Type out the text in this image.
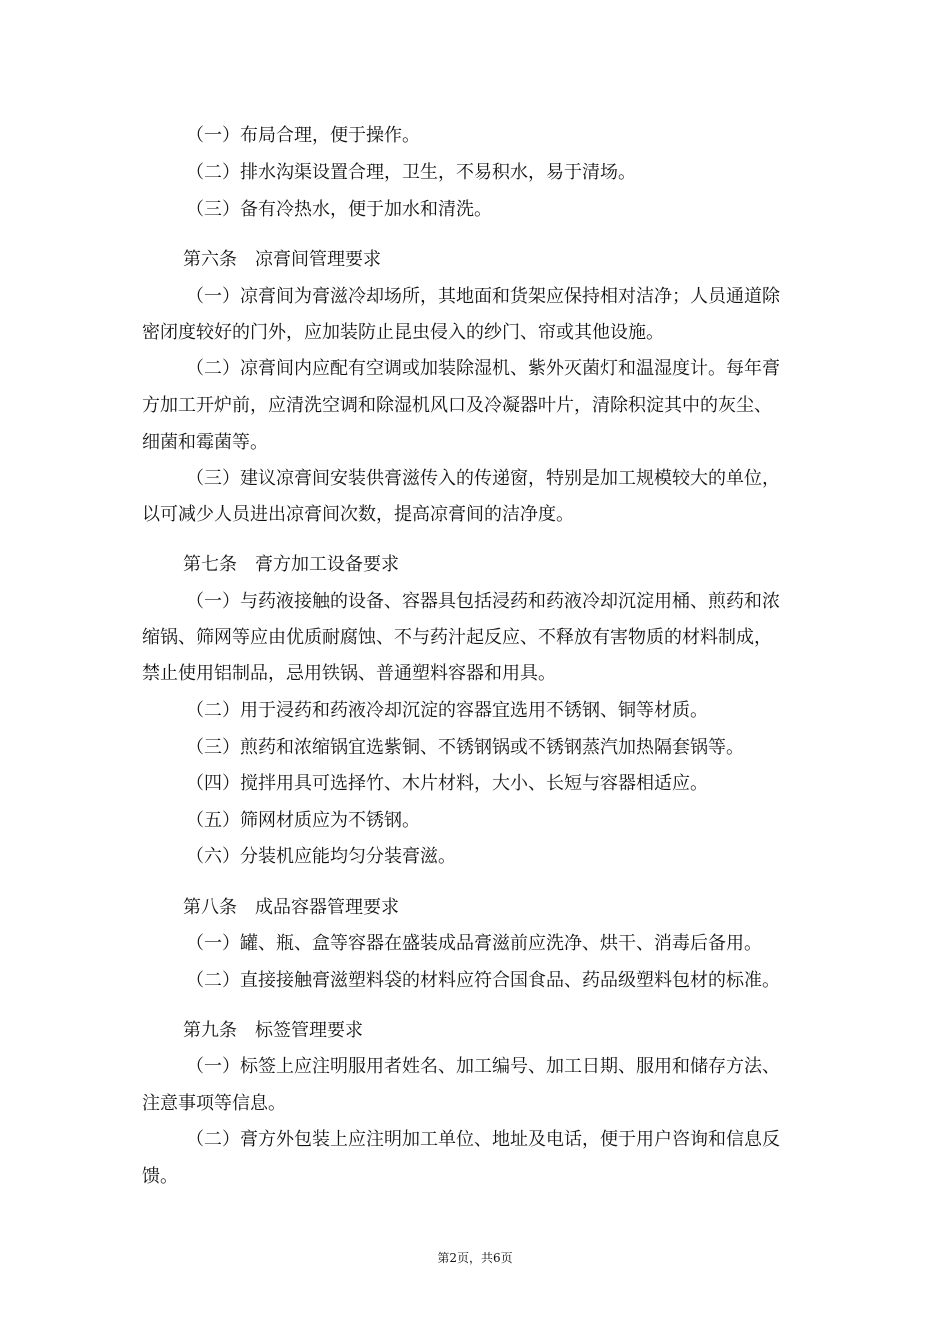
（一）布局合理，便于操作。
（二）排水沟渠设置合理，卫生，不易积水，易于清场。
（三）备有冷热水，便于加水和清洗。
第六条　凉膏间管理要求
（一）凉膏间为膏滋冷却场所，其地面和货架应保持相对洁净；人员通道除
密闭度较好的门外，应加装防止昆虫侵入的纱门、帘或其他设施。
（二）凉膏间内应配有空调或加装除湿机、紫外灭菌灯和温湿度计。每年膏
方加工开炉前，应清洗空调和除湿机风口及冷凝器叶片，清除积淀其中的灰尘、
细菌和霉菌等。
（三）建议凉膏间安装供膏滋传入的传递窗，特别是加工规模较大的单位，
以可减少人员进出凉膏间次数，提高凉膏间的洁净度。
第七条　膏方加工设备要求
（一）与药液接触的设备、容器具包括浸药和药液冷却沉淀用桶、煎药和浓
缩锅、筛网等应由优质耐腐蚀、不与药汁起反应、不释放有害物质的材料制成，
禁止使用铝制品，忌用铁锅、普通塑料容器和用具。
（二）用于浸药和药液冷却沉淀的容器宜选用不锈钢、铜等材质。
（三）煎药和浓缩锅宜选紫铜、不锈钢锅或不锈钢蒸汽加热隔套锅等。
（四）搅拌用具可选择竹、木片材料，大小、长短与容器相适应。
（五）筛网材质应为不锈钢。
（六）分装机应能均匀分装膏滋。
第八条　成品容器管理要求
（一）罐、瓶、盒等容器在盛装成品膏滋前应洗净、烘干、消毒后备用。
（二）直接接触膏滋塑料袋的材料应符合国食品、药品级塑料包材的标准。
第九条　标签管理要求
（一）标签上应注明服用者姓名、加工编号、加工日期、服用和储存方法、
注意事项等信息。
（二）膏方外包装上应注明加工单位、地址及电话，便于用户咨询和信息反
馈。
第2页，共6页
